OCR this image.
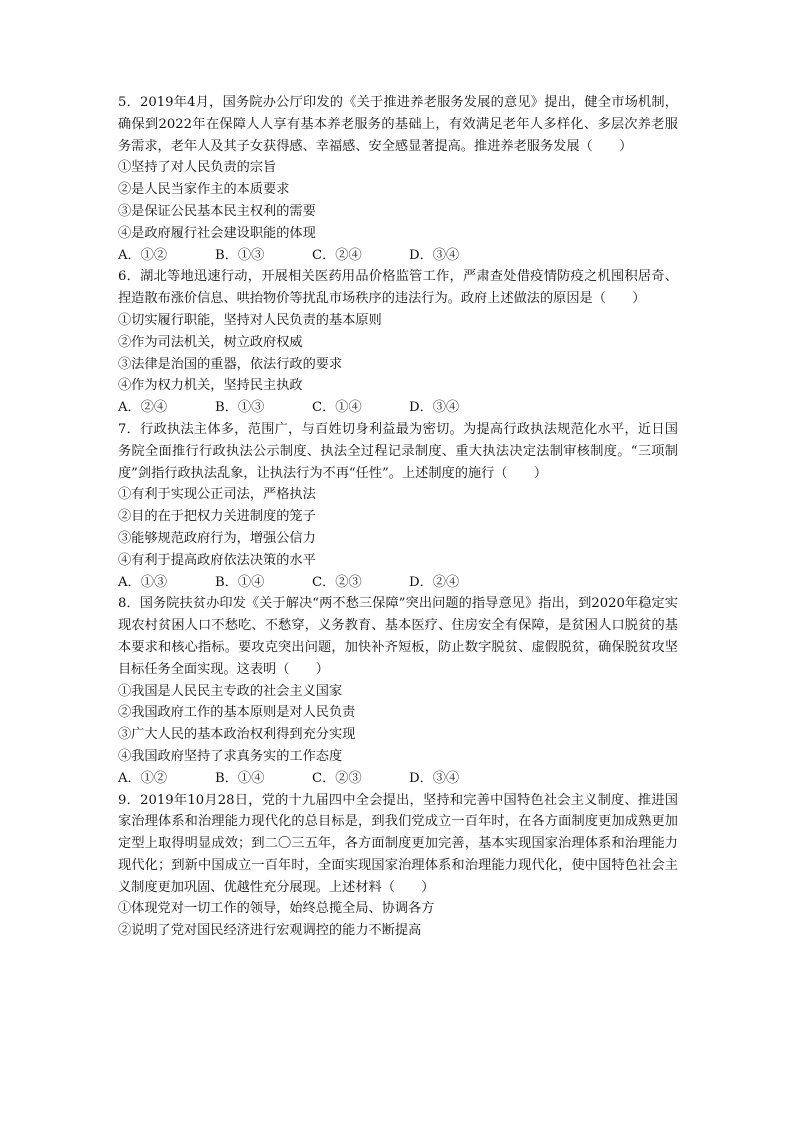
5．2019年4月，国务院办公厅印发的《关于推进养老服务发展的意见》提出，健全市场机制，确保到2022年在保障人人享有基本养老服务的基础上，有效满足老年人多样化、多层次养老服务需求，老年人及其子女获得感、幸福感、安全感显著提高。推进养老服务发展（　　）

①坚持了对人民负责的宗旨

②是人民当家作主的本质要求

③是保证公民基本民主权利的需要

④是政府履行社会建设职能的体现

A．①②	B．①③	C．②④	D．③④

6．湖北等地迅速行动，开展相关医药用品价格监管工作，严肃查处借疫情防疫之机囤积居奇、捏造散布涨价信息、哄抬物价等扰乱市场秩序的违法行为。政府上述做法的原因是（　　）

①切实履行职能，坚持对人民负责的基本原则

②作为司法机关，树立政府权威

③法律是治国的重器，依法行政的要求

④作为权力机关，坚持民主执政

A．②④	B．①③	C．①④	D．③④

7．行政执法主体多，范围广，与百姓切身利益最为密切。为提高行政执法规范化水平，近日国务院全面推行行政执法公示制度、执法全过程记录制度、重大执法决定法制审核制度。“三项制度”剑指行政执法乱象，让执法行为不再“任性”。上述制度的施行（　　）

①有利于实现公正司法，严格执法

②目的在于把权力关进制度的笼子

③能够规范政府行为，增强公信力

④有利于提高政府依法决策的水平

A．①③	B．①④	C．②③	D．②④

8．国务院扶贫办印发《关于解决“两不愁三保障”突出问题的指导意见》指出，到2020年稳定实现农村贫困人口不愁吃、不愁穿，义务教育、基本医疗、住房安全有保障，是贫困人口脱贫的基本要求和核心指标。要攻克突出问题，加快补齐短板，防止数字脱贫、虚假脱贫，确保脱贫攻坚目标任务全面实现。这表明（　　）

①我国是人民民主专政的社会主义国家

②我国政府工作的基本原则是对人民负责

③广大人民的基本政治权利得到充分实现

④我国政府坚持了求真务实的工作态度

A．①②	B．①④	C．②③	D．③④

9．2019年10月28日，党的十九届四中全会提出，坚持和完善中国特色社会主义制度、推进国家治理体系和治理能力现代化的总目标是，到我们党成立一百年时，在各方面制度更加成熟更加定型上取得明显成效；到二〇三五年，各方面制度更加完善，基本实现国家治理体系和治理能力现代化；到新中国成立一百年时，全面实现国家治理体系和治理能力现代化，使中国特色社会主义制度更加巩固、优越性充分展现。上述材料（　　）

①体现党对一切工作的领导，始终总揽全局、协调各方

②说明了党对国民经济进行宏观调控的能力不断提高
